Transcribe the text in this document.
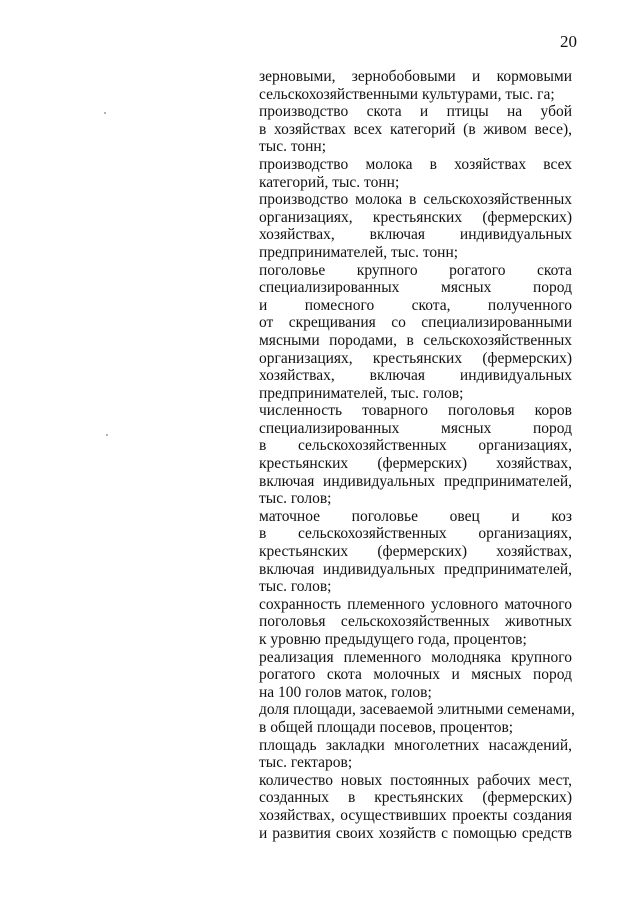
20
зерновыми, зернобобовыми и кормовыми
сельскохозяйственными культурами, тыс. га;
производство скота и птицы на убой
в хозяйствах всех категорий (в живом весе),
тыс. тонн;
производство молока в хозяйствах всех
категорий, тыс. тонн;
производство молока в сельскохозяйственных
организациях, крестьянских (фермерских)
хозяйствах, включая индивидуальных
предпринимателей, тыс. тонн;
поголовье крупного рогатого скота
специализированных мясных пород
и помесного скота, полученного
от скрещивания со специализированными
мясными породами, в сельскохозяйственных
организациях, крестьянских (фермерских)
хозяйствах, включая индивидуальных
предпринимателей, тыс. голов;
численность товарного поголовья коров
специализированных мясных пород
в сельскохозяйственных организациях,
крестьянских (фермерских) хозяйствах,
включая индивидуальных предпринимателей,
тыс. голов;
маточное поголовье овец и коз
в сельскохозяйственных организациях,
крестьянских (фермерских) хозяйствах,
включая индивидуальных предпринимателей,
тыс. голов;
сохранность племенного условного маточного
поголовья сельскохозяйственных животных
к уровню предыдущего года, процентов;
реализация племенного молодняка крупного
рогатого скота молочных и мясных пород
на 100 голов маток, голов;
доля площади, засеваемой элитными семенами,
в общей площади посевов, процентов;
площадь закладки многолетних насаждений,
тыс. гектаров;
количество новых постоянных рабочих мест,
созданных в крестьянских (фермерских)
хозяйствах, осуществивших проекты создания
и развития своих хозяйств с помощью средств
